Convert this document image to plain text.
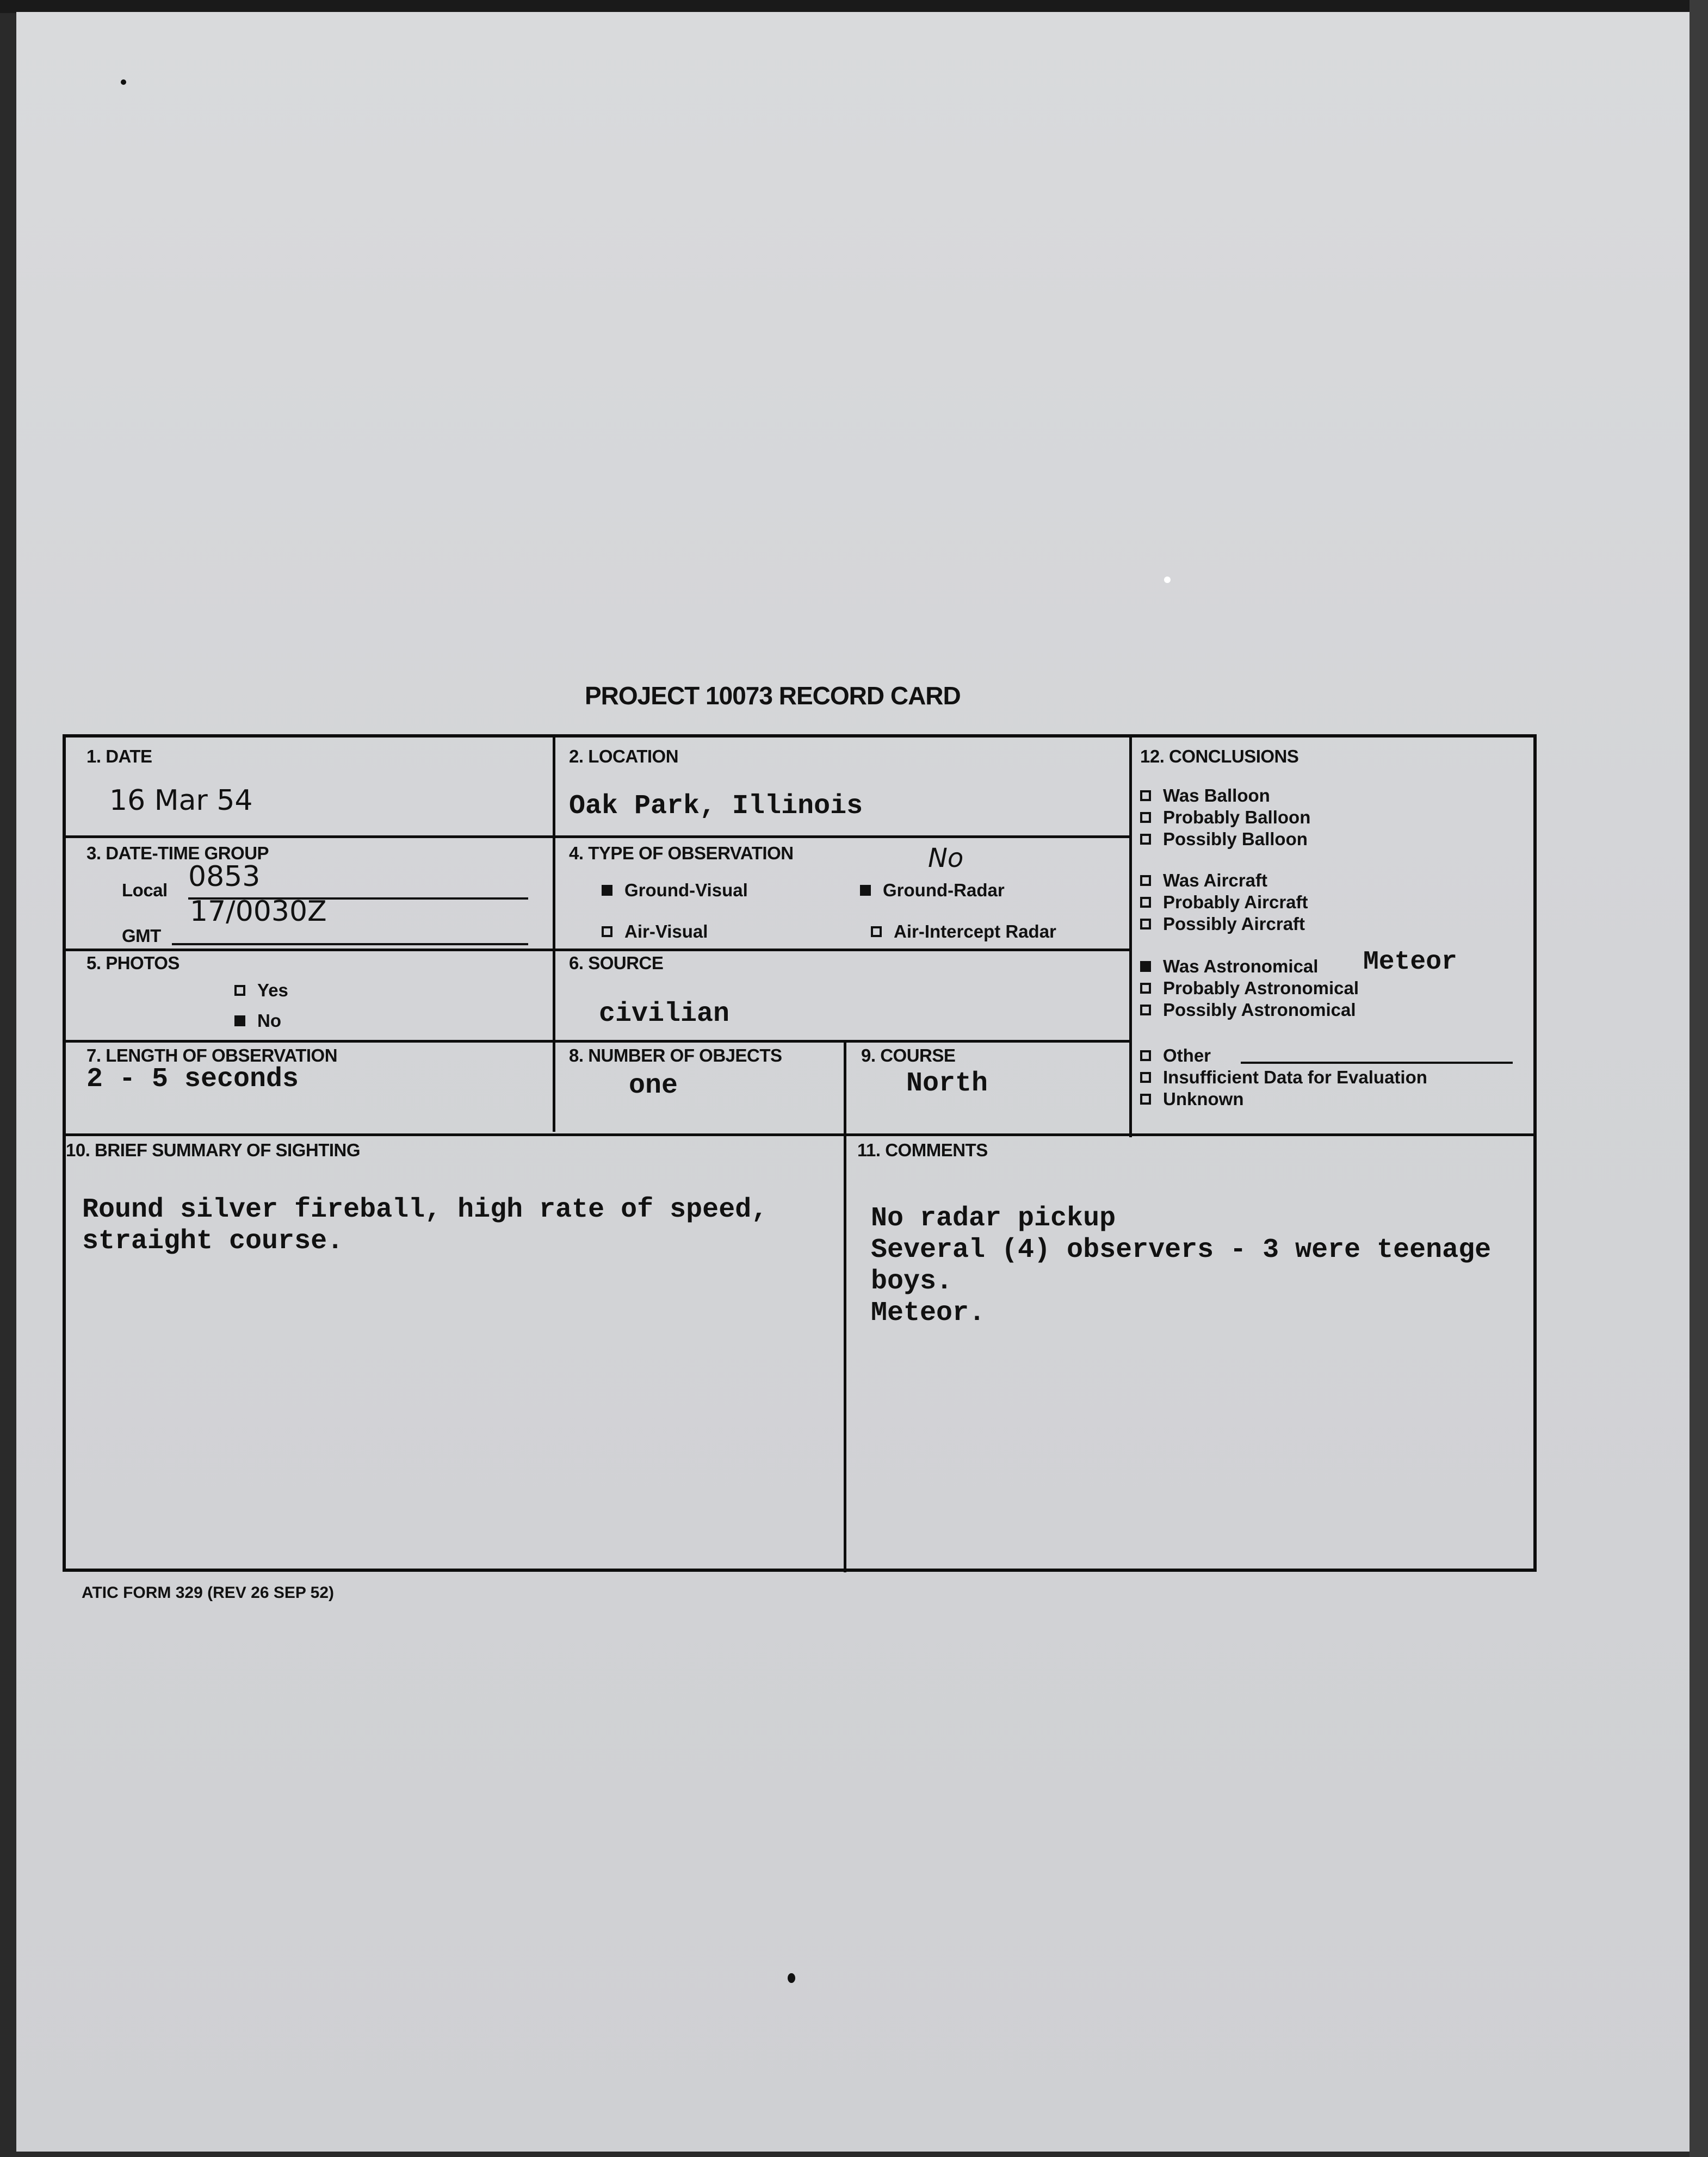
PROJECT 10073 RECORD CARD
1. DATE
16 Mar 54
2. LOCATION
Oak Park, Illinois
3. DATE-TIME GROUP
Local 0853
GMT
17/0030Z
4. TYPE OF OBSERVATION
Ground-Visual	Ground-Radar
No
Air-Visual	Air-Intercept Radar
5. PHOTOS
Yes
No
6. SOURCE
civilian
7. LENGTH OF OBSERVATION
2 - 5 seconds
8. NUMBER OF OBJECTS
one
9. COURSE
North
10. BRIEF SUMMARY OF SIGHTING
Round silver fireball, high rate of speed,
straight course.
11. COMMENTS
No radar pickup
Several (4) observers - 3 were teenage
boys.
Meteor.
12. CONCLUSIONS
Was Balloon
Probably Balloon
Possibly Balloon
Was Aircraft
Probably Aircraft
Possibly Aircraft
Was Astronomical Meteor
Probably Astronomical
Possibly Astronomical
Other
Insufficient Data for Evaluation
Unknown
ATIC FORM 329 (REV 26 SEP 52)
